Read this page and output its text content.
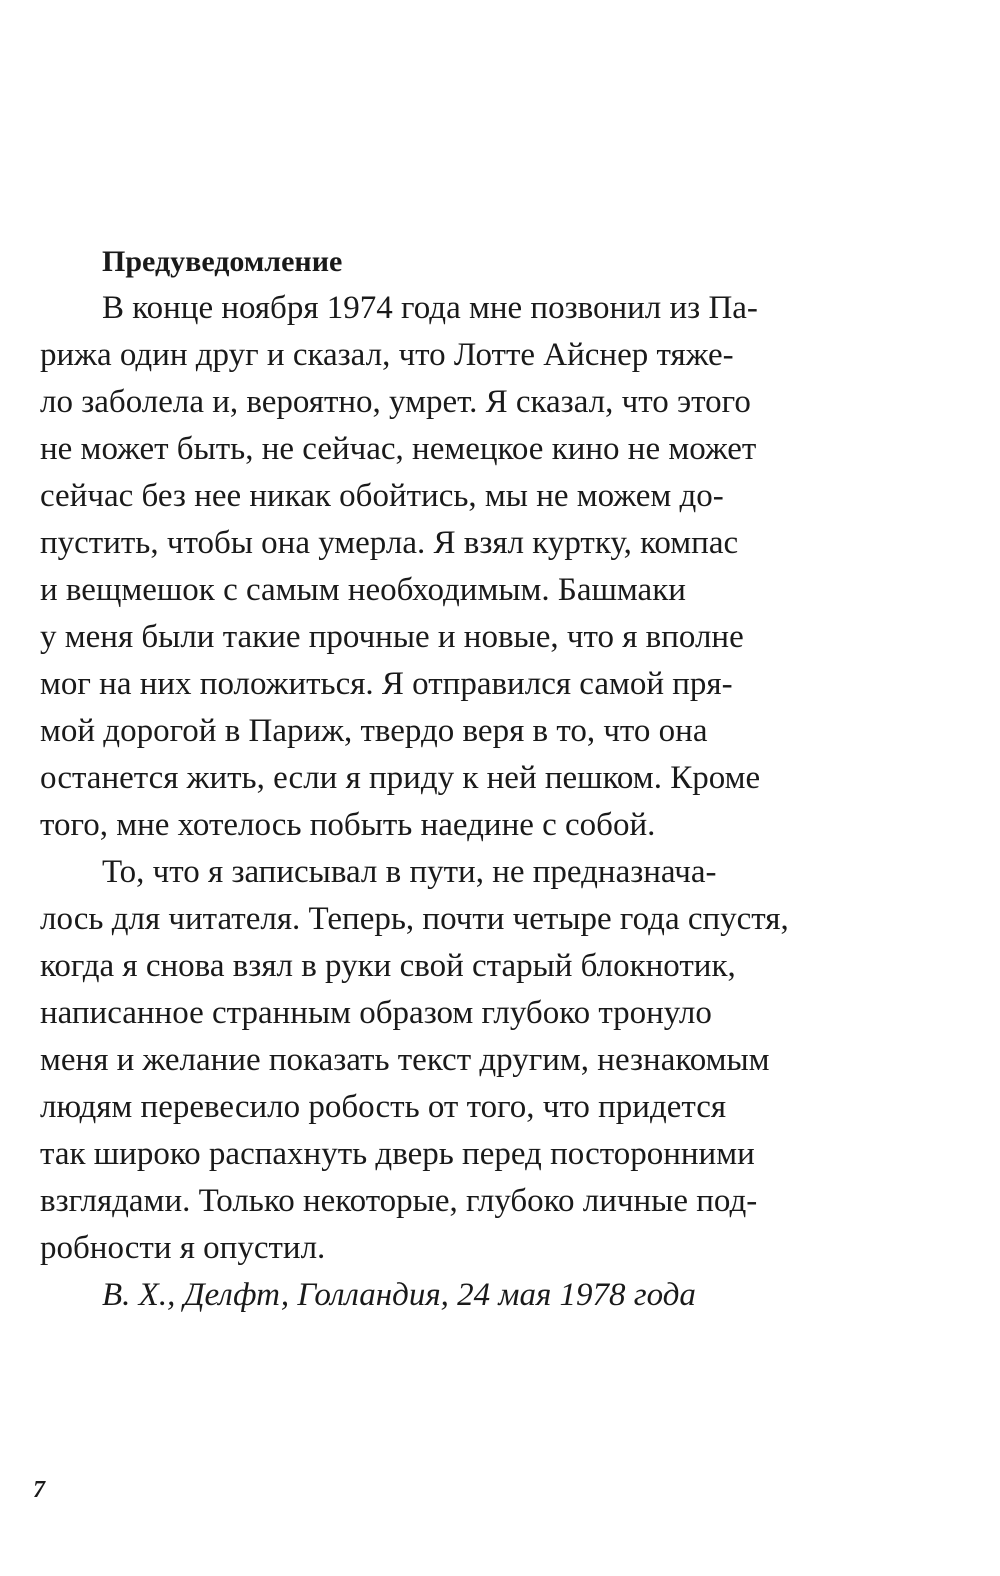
Предуведомление
В конце ноября 1974 года мне позвонил из Па-
рижа один друг и сказал, что Лотте Айснер тяже-
ло заболела и, вероятно, умрет. Я сказал, что этого
не может быть, не сейчас, немецкое кино не может
сейчас без нее никак обойтись, мы не можем до-
пустить, чтобы она умерла. Я взял куртку, компас
и вещмешок с самым необходимым. Башмаки
у меня были такие прочные и новые, что я вполне
мог на них положиться. Я отправился самой пря-
мой дорогой в Париж, твердо веря в то, что она
останется жить, если я приду к ней пешком. Кроме
того, мне хотелось побыть наедине с собой.
То, что я записывал в пути, не предназнача-
лось для читателя. Теперь, почти четыре года спустя,
когда я снова взял в руки свой старый блокнотик,
написанное странным образом глубоко тронуло
меня и желание показать текст другим, незнакомым
людям перевесило робость от того, что придется
так широко распахнуть дверь перед посторонними
взглядами. Только некоторые, глубоко личные под-
робности я опустил.
В. Х., Делфт, Голландия, 24 мая 1978 года
7
